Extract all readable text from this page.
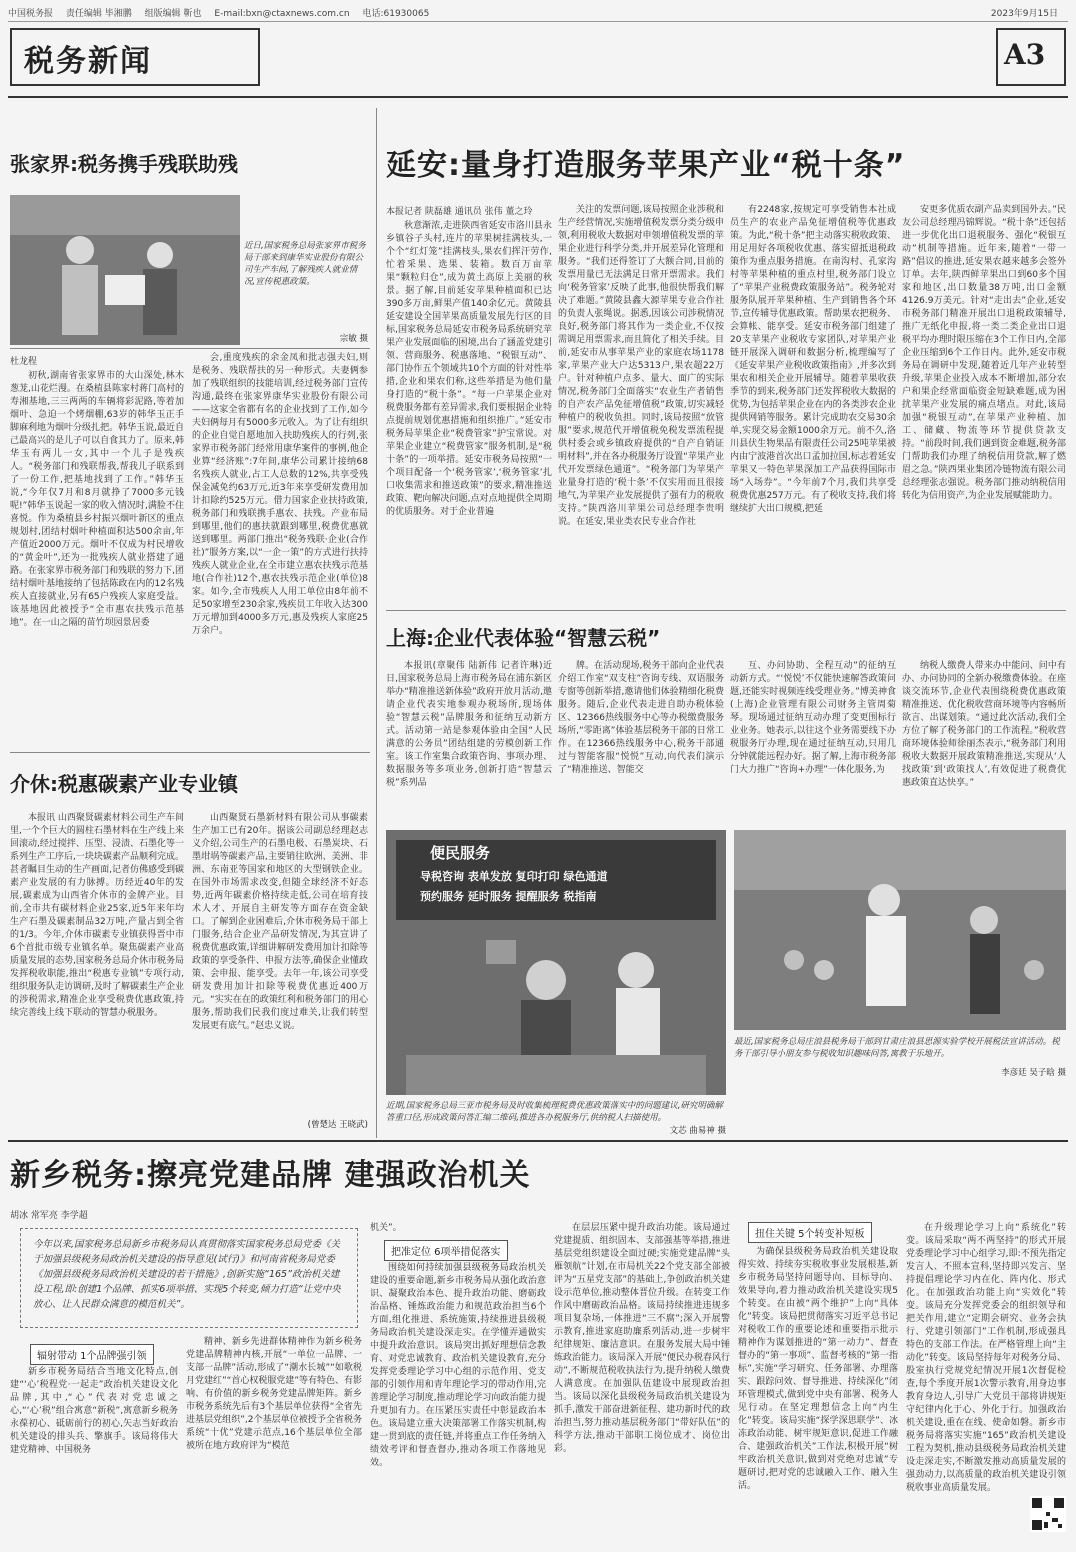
中国税务报 责任编辑 毕湘鹏 组版编辑 靳也 E-mail:bxn@ctaxnews.com.cn 电话:61930065	2023年9月15日
税务新闻	A3
张家界:税务携手残联助残
近日,国家税务总局张家界市税务局干部来到康华实业股份有限公司生产车间,了解残疾人就业情况,宣传税惠政策。
宗敏 摄
杜龙程

初秋,湖南省张家界市的大山深处,林木葱茏,山花烂漫。在桑植县陈家村蒋门高村的寿湘基地,三三两两的车辆将彩泥路,等着加烟叶、急迫一个烤烟棚,63岁的韩华玉正手脚麻利地为烟叶分级扎把。韩华玉说,最近自己最高兴的是儿子可以自食其力了。原来,韩华玉有两儿一女,其中一个儿子是残疾人。“税务部门和残联帮我,帮我儿子联系到了一份工作,把基地找到了工作。”韩华玉说,“今年仅7月和8月就挣了7000多元钱呢!”韩华玉说起一家的收入情况时,满脸不住喜悦。作为桑植县乡村振兴烟叶新区的重点规划村,团结村烟叶种植面积达500余亩,年产值近2000万元。烟叶不仅成为村民增收的“黄金叶”,还为一批残疾人就业搭建了通路。在张家界市税务部门和残联的努力下,团结村烟叶基地接纳了包括陈政在内的12名残疾人直接就业,另有65户残疾人家庭受益。该基地因此被授予“全市惠农扶残示范基地”。在一山之隔的苗竹坝园景居委

会,重度残疾的余金凤和批志强夫妇,则是税务、残联帮扶的另一种形式。夫妻俩参加了残联组织的技能培训,经过税务部门宣传沟通,最终在张家界康华实业股份有限公司——这家全省都有名的企业找到了工作,如今夫妇俩每月有5000多元收入。为了让有组织的企业自觉自愿地加入扶助残疾人的行列,张家界市税务部门经常用康华案件的事例,他企业算“经济账”:7年间,康华公司累计接纳68名残疾人就业,占工人总数的12%,共享受残保金减免约63万元,近3年来享受研发费用加计扣除约525万元。借力国家企业扶持政策,税务部门和残联携手惠农、扶残。产业布局到哪里,他们的惠扶就跟到哪里,税费优惠就送到哪里。两部门推出“税务残联·企业(合作社)”服务方案,以“一企一策”的方式进行扶持残疾人就业企业,在全市建立惠农扶残示范基地(合作社)12个,惠农扶残示范企业(单位)8家。如今,全市残疾人人用工单位由8年前不足50家增至230余家,残疾员工年收入达300万元增加到4000多万元,惠及残疾人家庭25万余户。

介休:税惠碳素产业专业镇

本报讯 山西聚贤碳素材料公司生产车间里,一个个巨大的圆柱石墨材料在生产线上来回滚动,经过搅拌、压型、浸渍、石墨化等一系列生产工序后,一块块碳素产品顺利完成。甚者瞩目生动的生产画面,记者仿佛感受到碳素产业发展的有力脉搏。历经近40年的发展,碳素成为山西省介休市的金牌产业。目前,全市共有碳材料企业25家,近5年来年均生产石墨及碳素制品32万吨,产量占到全省的1/3。今年,介休市碳素专业镇获得晋中市6个首批市级专业镇名单。聚焦碳素产业高质量发展的态势,国家税务总局介休市税务局发挥税收职能,推出“税惠专业镇”专项行动,组织服务队走访调研,及时了解碳素生产企业的涉税需求,精准企业享受税费优惠政策,持续完善线上线下联动的智慧办税服务。

山西聚贤石墨新材料有限公司从事碳素生产加工已有20年。据该公司副总经理赵志义介绍,公司生产的石墨电极、石墨炭块、石墨坩埚等碳素产品,主要销往欧洲、美洲、非洲、东南亚等国家和地区的大型钢铁企业。在国外市场需求改变,但随全球经济不好态势,近两年碳素价格持续走低,公司在培育技术人才、开展自主研发等方面存在资金缺口。了解到企业困难后,介休市税务局干部上门服务,结合企业产品研发情况,为其宣讲了税费优惠政策,详细讲解研发费用加计扣除等政策的享受条件、申报方法等,确保企业懂政策、会申报、能享受。去年一年,该公司享受研发费用加计扣除等税费优惠近400万元。“实实在在的政策红利和税务部门的用心服务,帮助我们民我们度过难关,让我们转型发展更有底气。”赵忠义说。

(曾楚达 王晓武)
延安:量身打造服务苹果产业“税十条”
本报记者 陕磊雄 通讯员 张伟 董之玲

秋意渐浓,走进陕西省延安市洛川县永乡镇谷子头村,连片的苹果树挂满枝头,一个个“红灯笼”挂满枝头,果农们挥汗劳作,忙着采果、选果、装箱。数百万亩苹果“颗粒归仓”,成为黄土高原上美丽的秋景。据了解,目前延安苹果种植面积已达390多万亩,鲜果产值140余亿元。黄陵县延安建设全国苹果高质量发展先行区的目标,国家税务总局延安市税务局系统研究苹果产业发展面临的困境,出台了涵盖党建引领、营商服务、税惠落地、“税银互动”、部门协作五个领域共10个方面的针对性举措,企业和果农们称,这些举措是为他们量身打造的“税十条”。“每一户苹果企业对税费服务都有差异需求,我们要根据企业特点提前规划优惠措施和组织推广。”延安市税务局苹果企业“税费管家”护宝常说。对苹果企业建立“税费管家”服务机制,是“税十条”的一项举措。延安市税务局按照“一个项目配备一个‘税务管家’,‘税务管家’扎口收集需求和推送政策”的要求,精准推送政策、靶向解决问题,点对点地提供全周期的优质服务。对于企业普遍

关注的发票问题,该局按照企业涉税和生产经营情况,实施增值税发票分类分级申领,利用税收大数据对申领增值税发票的苹果企业进行科学分类,并开展差异化管理和服务。“我们还得签订了大额合同,目前的发票用量已无法满足日常开票需求。我们向‘税务管家’反映了此事,他很快帮我们解决了难题。”黄陵县鑫大源苹果专业合作社的负责人张绳说。据悉,因该公司涉税情况良好,税务部门将其作为一类企业,不仅按需调足用票需求,而且简化了相关手续。目前,延安市从事苹果产业的家庭农场1178家,苹果产业大户达5313户,果农超22万户。针对种植户点多、量大、面广的实际情况,税务部门全面落实“农业生产者销售的自产农产品免征增值税”政策,切实减轻种植户的税收负担。同时,该局按照“放管服”要求,规范代开增值税免税发票流程提供村委会或乡镇政府提供的“自产自销证明材料”,并在各办税服务厅设置“苹果产业代开发票绿色通道”。“税务部门为苹果产业量身打造的‘税十条’不仅实用而且很接地气,为苹果产业发展提供了强有力的税收支持。”陕西洛川苹果公司总经理李贵明说。在延安,果业类农民专业合作社

有2248家,按规定可享受销售本社成员生产的农业产品免征增值税等优惠政策。为此,“税十条”把主动落实税收政策、用足用好各项税收优惠、落实留抵退税政策作为重点服务措施。在南沟村、孔家沟村等苹果种植的重点村里,税务部门设立了“苹果产业税费政策服务站”。税务轮对服务队展开苹果种植、生产到销售各个环节,宣传辅导优惠政策。帮助果农把税务、会算帐、能享受。延安市税务部门组建了20支苹果产业税收专家团队,对苹果产业链开展深入调研和数据分析,梳理编写了《延安苹果产业税收政策指南》,并多次到果农和相关企业开展辅导。随着苹果收获季节的到来,税务部门还发挥税收大数据的优势,为包括苹果企业在内的各类涉农企业提供网销等服务。累计完成助农交易30余单,实现交易金额1000余万元。前不久,洛川县伏生物果品有限责任公司25吨苹果被内由宁波港首次出口孟加拉国,标志着延安苹果又一特色苹果深加工产品获得国际市场“入场券”。“今年前7个月,我们共享受税费优惠257万元。有了税收支持,我们将继续扩大出口规模,把延

安更多优质农副产品卖到国外去。”民友公司总经理冯锦辉说。“税十条”还包括进一步优化出口退税服务、强化“税银互动”机制等措施。近年来,随着“一带一路”倡议的推进,延安果农越来越多会签外订单。去年,陕西鲜苹果出口到60多个国家和地区,出口数量38万吨,出口金额4126.9万美元。针对“走出去”企业,延安市税务部门精准开展出口退税政策辅导,推广无纸化申报,将一类二类企业出口退税平均办理时限压缩在3个工作日内,全部企业压缩到6个工作日内。此外,延安市税务局在调研中发现,随着近几年产业转型升级,苹果企业投入成本不断增加,部分农户和果企经常面临资金短缺难题,成为困扰苹果产业发展的痛点堵点。对此,该局加强“税银互动”,在苹果产业种植、加工、储藏、物流等环节提供贷款支持。“前段时间,我们遇到资金难题,税务部门帮助我们办理了纳税信用贷款,解了燃眉之急。”陕西果业集团冷链物流有限公司总经理张志强说。税务部门推动纳税信用转化为信用资产,为企业发展赋能助力。

上海:企业代表体验“智慧云税”

本报讯(章聚伟 陆新伟 记者许琳)近日,国家税务总局上海市税务局在浦东新区举办“精准推送新体验”政府开放月活动,邀请企业代表实地参观办税场所,现场体验“智慧云税”品牌服务和征纳互动新方式。活动第一站是参观体验由全国“人民满意的公务员”团结组建的劳模创新工作室。该工作室集合政策咨询、事项办理、数据服务等多项业务,创新打造“智慧云税”系列品

牌。在活动现场,税务干部向企业代表介绍工作室“双支柱”咨询专线、双语服务专窗等创新举措,邀请他们体验精细化税费服务。随后,企业代表走进自助办税体验区、12366热线服务中心等办税缴费服务场所,“零距离”体验基层税务干部的日常工作。在12366热线服务中心,税务干部通过与智能客服“悦悦”互动,向代表们演示了“精准推送、智能交

互、办问协助、全程互动”的征纳互动新方式。“‘悦悦’不仅能快速解答政策问题,还能实时视频连线受理业务。”博美神食(上海)企业管理有限公司财务主管周菊琴。现场通过征纳互动办理了变更围标行业业务。她表示,以往这个业务需要线下办税服务厅办理,现在通过征纳互动,只用几分钟就能远程办好。据了解,上海市税务部门大力推广“咨询+办理”一体化服务,为

纳税人缴费人带来办中能问、问中有办、办问协同的全新办税缴费体验。在座谈交流环节,企业代表围绕税费优惠政策精准推送、优化税收营商环境等内容畅所欲言、出谋划策。“通过此次活动,我们全方位了解了税务部门的工作流程。”税收营商环境体验师徐丽杰表示,“税务部门利用税收大数据开展政策精准推送,实现从‘人找政策’到‘政策找人’,有效促进了税费优惠政策直达快享。”

便民服务
导税咨询 表单发放 复印打印 绿色通道
预约服务 延时服务 提醒服务 税指南
近期,国家税务总局三亚市税务局及时收集梳理税费优惠政策落实中的问题建议,研究明确解答重口径,形成政策问答汇编二维码,推进各办税服务厅,供纳税人扫描使用。
文芯 曲易神 摄
最近,国家税务总局庄浪县税务局干部到甘肃庄浪县思源实验学校开展税法宣讲活动。税务干部引导小朋友参与税收知识趣味问答,寓教于乐地开。
李彦廷 吴子晗 摄
新乡税务:擦亮党建品牌 建强政治机关
胡冰 常军亮 李学超
今年以来,国家税务总局新乡市税务局认真贯彻落实国家税务总局党委《关于加强县级税务局政治机关建设的指导意见(试行)》和河南省税务局党委《加强县级税务局政治机关建设的若干措施》,创新实施“165”政治机关建设工程,即:创建1个品牌、抓实6项举措、实现5个转变,倾力打造“让党中央放心、让人民群众满意的模范机关”。
辐射带动 1个品牌强引领

新乡市税务局结合当地文化特点,创建“‘心’税程党·一起走”政治机关建设文化品牌,其中,“心”代表对党忠诚之心,“‘心’税”组合寓意“新税”,寓意新乡税务永葆初心、砥砺前行的初心,矢志当好政治机关建设的排头兵、擎旗手。该局将伟大建党精神、中国税务

精神、新乡先进群体精神作为新乡税务党建品牌精神内核,开展“一单位一品牌、一支部一品牌”活动,形成了“潮水长城”“如歌税月党建红”“首心权税服党建”等有特色、有影响、有价值的新乡税务党建品牌矩阵。新乡市税务系统先后有3个基层单位获得“全省先进基层党组织”,2个基层单位被授予全省税务系统“十优”党建示范点,16个基层单位全部被所在地方政府评为“模范

机关”。
把准定位 6项举措促落实

围绕如何持续加强县级税务局政治机关建设的重要命题,新乡市税务局从强化政治意识、凝聚政治本色、提升政治功能、磨砺政治品格、锤炼政治能力和规范政治担当6个方面,组化推进、系统施策,持续推进县级税务局政治机关建设深走实。在学懂弄通做实中提升政治意识。该局突出抓好理想信念教育、对党忠诚教育、政治机关建设教育,充分发挥党委理论学习中心组的示范作用、党支部的引领作用和青年理论学习的带动作用,完善理论学习制度,推动理论学习向政治能力提升更加有力。在压紧压实责任中彰显政治本色。该局建立重大决策部署工作落实机制,构建一贯到底的责任链,并将重点工作任务纳入绩效考评和督查督办,推动各项工作落地见效。

在层层压紧中提升政治功能。该局通过党建提质、组织固本、支部强基等举措,推进基层党组织建设全面过硬;实施党建品牌“头雁领航”计划,在市局机关22个党支部全部被评为“五星党支部”的基础上,争创政治机关建设示范单位,推动整体晋位升级。在转变工作作风中磨砺政治品格。该局持续推进违规多项目复杂场,一体推进“三不腐”;深入开展警示教育,推进家庭助廉系列活动,进一步树牢纪律规矩、廉洁意识。在服务发展大局中锤炼政治能力。该局深入开展“便民办税春风行动”,不断规范税收执法行为,提升纳税人缴费人满意度。在加强队伍建设中展现政治担当。该局以深化县级税务局政治机关建设为抓手,激发干部奋进新征程、建功新时代的政治担当,努力推动基层税务部门“带好队伍”的科学方法,推动干部职工岗位成才、岗位出彩。

扭住关键 5个转变补短板

为确保县级税务局政治机关建设取得实效、持续夯实税收事业发展根基,新乡市税务局坚持问题导向、目标导向、效果导向,着力推动政治机关建设实现5个转变。在由被“两个维护”上向“具体化”转变。该局把贯彻落实习近平总书记对税收工作的重要论述和重要指示批示精神作为谋划推进的“第一动力”、督查督办的“第一事项”、监督考核的“第一指标”,实施“学习研究、任务部署、办理落实、跟踪问效、督导推进、持续深化”闭环管理模式,做到党中央有部署、税务人见行动。在坚定理想信念上向“内生化”转变。该局实施“探学深思联学”、冰冻政治动能、树牢规矩意识,促进工作融合、建强政治机关”工作法,积极开展“树牢政治机关意识,做到对党绝对忠诚”专题研讨,把对党的忠诚融入工作、融入生活。

在升级理论学习上向“系统化”转变。该局采取“两不两坚持”的形式开展党委理论学习中心组学习,即:不预先指定发言人、不照本宣科,坚持即兴发言、坚持提倡理论学习内在化、阵内化、形式化。在加强政治功能上向“实效化”转变。该局充分发挥党委会的组织领导和把关作用,建立“定期会研究、业务会执行、党建引领部门”工作机制,形成强具特色的支部工作法。在严格管理上向“主动化”转变。该局坚持每年对税务分局、股室执行党规党纪情况开展1次督促检查,每个季度开展1次警示教育,用身边事教育身边人,引导广大党员干部将讲规矩守纪律内化于心、外化于行。加强政治机关建设,重在在线、使命如磐。新乡市税务局将落实实施“165”政治机关建设工程为契机,推动县级税务局政治机关建设走深走实,不断激发推动高质量发展的强劲动力,以高质量的政治机关建设引领税收事业高质量发展。
